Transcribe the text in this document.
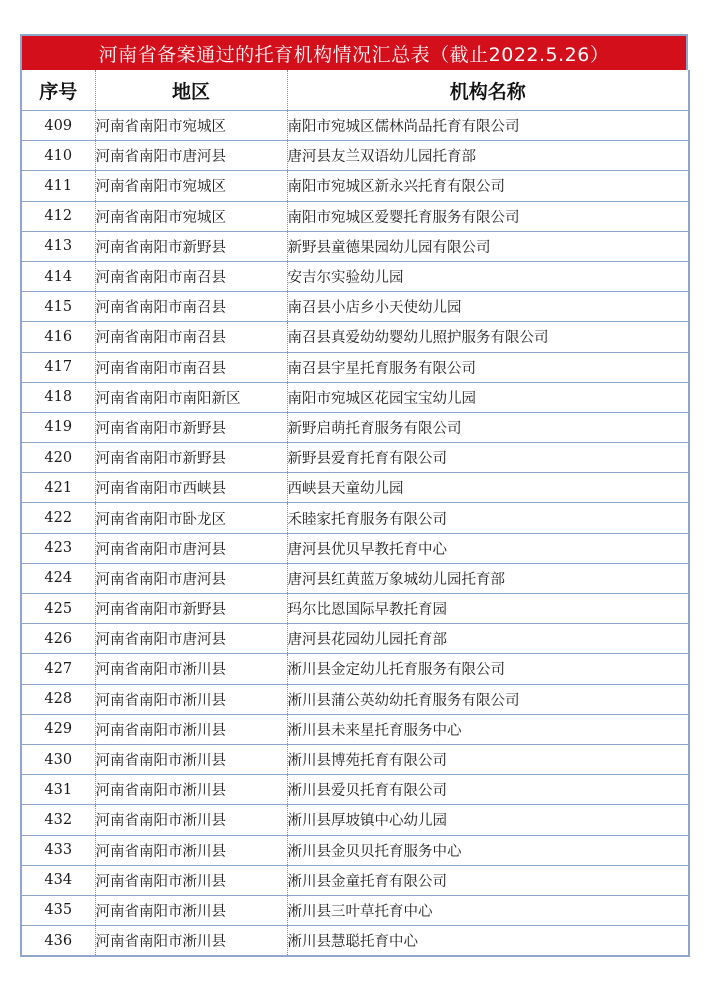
河南省备案通过的托育机构情况汇总表（截止2022.5.26）
序号	地区	机构名称
409	河南省南阳市宛城区	南阳市宛城区儒林尚品托育有限公司
410	河南省南阳市唐河县	唐河县友兰双语幼儿园托育部
411	河南省南阳市宛城区	南阳市宛城区新永兴托育有限公司
412	河南省南阳市宛城区	南阳市宛城区爱婴托育服务有限公司
413	河南省南阳市新野县	新野县童德果园幼儿园有限公司
414	河南省南阳市南召县	安吉尔实验幼儿园
415	河南省南阳市南召县	南召县小店乡小天使幼儿园
416	河南省南阳市南召县	南召县真爱幼幼婴幼儿照护服务有限公司
417	河南省南阳市南召县	南召县宇星托育服务有限公司
418	河南省南阳市南阳新区	南阳市宛城区花园宝宝幼儿园
419	河南省南阳市新野县	新野启萌托育服务有限公司
420	河南省南阳市新野县	新野县爱育托育有限公司
421	河南省南阳市西峡县	西峡县天童幼儿园
422	河南省南阳市卧龙区	禾睦家托育服务有限公司
423	河南省南阳市唐河县	唐河县优贝早教托育中心
424	河南省南阳市唐河县	唐河县红黄蓝万象城幼儿园托育部
425	河南省南阳市新野县	玛尔比恩国际早教托育园
426	河南省南阳市唐河县	唐河县花园幼儿园托育部
427	河南省南阳市淅川县	淅川县金定幼儿托育服务有限公司
428	河南省南阳市淅川县	淅川县蒲公英幼幼托育服务有限公司
429	河南省南阳市淅川县	淅川县未来星托育服务中心
430	河南省南阳市淅川县	淅川县博苑托育有限公司
431	河南省南阳市淅川县	淅川县爱贝托育有限公司
432	河南省南阳市淅川县	淅川县厚坡镇中心幼儿园
433	河南省南阳市淅川县	淅川县金贝贝托育服务中心
434	河南省南阳市淅川县	淅川县金童托育有限公司
435	河南省南阳市淅川县	淅川县三叶草托育中心
436	河南省南阳市淅川县	淅川县慧聪托育中心
